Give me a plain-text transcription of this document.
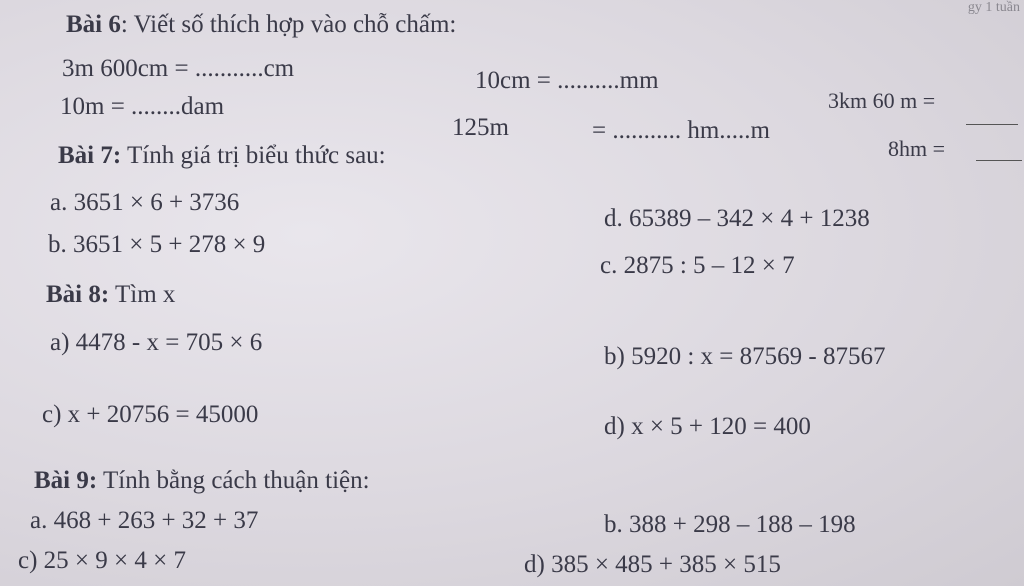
gy 1 tuần
Bài 6: Viết số thích hợp vào chỗ chấm:
3m 600cm = ...........cm	10cm = ..........mm
10m = ........dam
125m	= ........... hm.....m
3km 60 m =
8hm =
Bài 7: Tính giá trị biểu thức sau:
a. 3651 × 6 + 3736
b. 3651 × 5 + 278 × 9
d. 65389 – 342 × 4 + 1238
c. 2875 : 5 – 12 × 7
Bài 8: Tìm x
a) 4478 - x = 705 × 6
b) 5920 : x = 87569 - 87567
c) x + 20756 = 45000	d) x × 5 + 120 = 400
Bài 9: Tính bằng cách thuận tiện:
a. 468 + 263 + 32 + 37	b. 388 + 298 – 188 – 198
c) 25 × 9 × 4 × 7	d) 385 × 485 + 385 × 515
